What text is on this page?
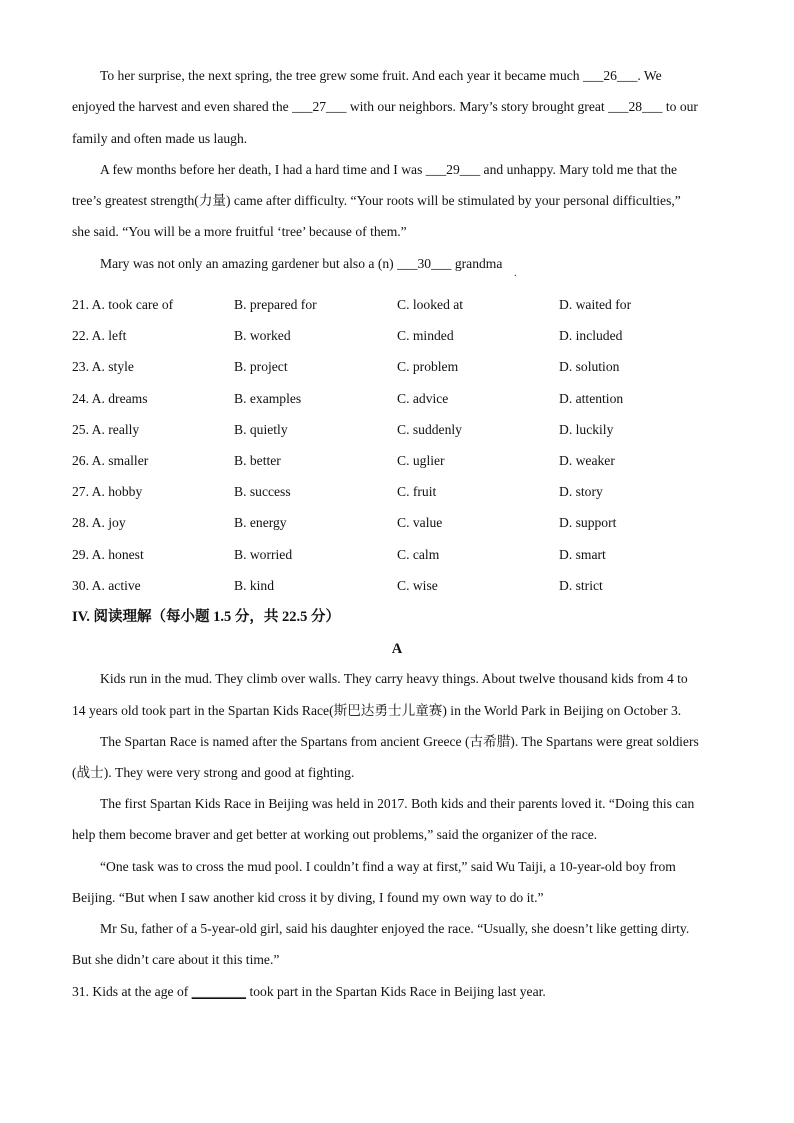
To her surprise, the next spring, the tree grew some fruit. And each year it became much ___26___. We
enjoyed the harvest and even shared the ___27___ with our neighbors. Mary’s story brought great ___28___ to our
family and often made us laugh.
A few months before her death, I had a hard time and I was ___29___ and unhappy. Mary told me that the
tree’s greatest strength(力量) came after difficulty. “Your roots will be stimulated by your personal difficulties,”
she said. “You will be a more fruitful ‘tree’ because of them.”
Mary was not only an amazing gardener but also a (n) ___30___ grandma
.
21. A. took care of	B. prepared for	C. looked at	D. waited for
22. A. left	B. worked	C. minded	D. included
23. A. style	B. project	C. problem	D. solution
24. A. dreams	B. examples	C. advice	D. attention
25. A. really	B. quietly	C. suddenly	D. luckily
26. A. smaller	B. better	C. uglier	D. weaker
27. A. hobby	B. success	C. fruit	D. story
28. A. joy	B. energy	C. value	D. support
29. A. honest	B. worried	C. calm	D. smart
30. A. active	B. kind	C. wise	D. strict
IV. 阅读理解（每小题 1.5 分，共 22.5 分）
A
Kids run in the mud. They climb over walls. They carry heavy things. About twelve thousand kids from 4 to
14 years old took part in the Spartan Kids Race(斯巴达勇士儿童赛) in the World Park in Beijing on October 3.
The Spartan Race is named after the Spartans from ancient Greece (古希腊). The Spartans were great soldiers
(战士). They were very strong and good at fighting.
The first Spartan Kids Race in Beijing was held in 2017. Both kids and their parents loved it. “Doing this can
help them become braver and get better at working out problems,” said the organizer of the race.
“One task was to cross the mud pool. I couldn’t find a way at first,” said Wu Taiji, a 10-year-old boy from
Beijing. “But when I saw another kid cross it by diving, I found my own way to do it.”
Mr Su, father of a 5-year-old girl, said his daughter enjoyed the race. “Usually, she doesn’t like getting dirty.
But she didn’t care about it this time.”
31. Kids at the age of ________ took part in the Spartan Kids Race in Beijing last year.
